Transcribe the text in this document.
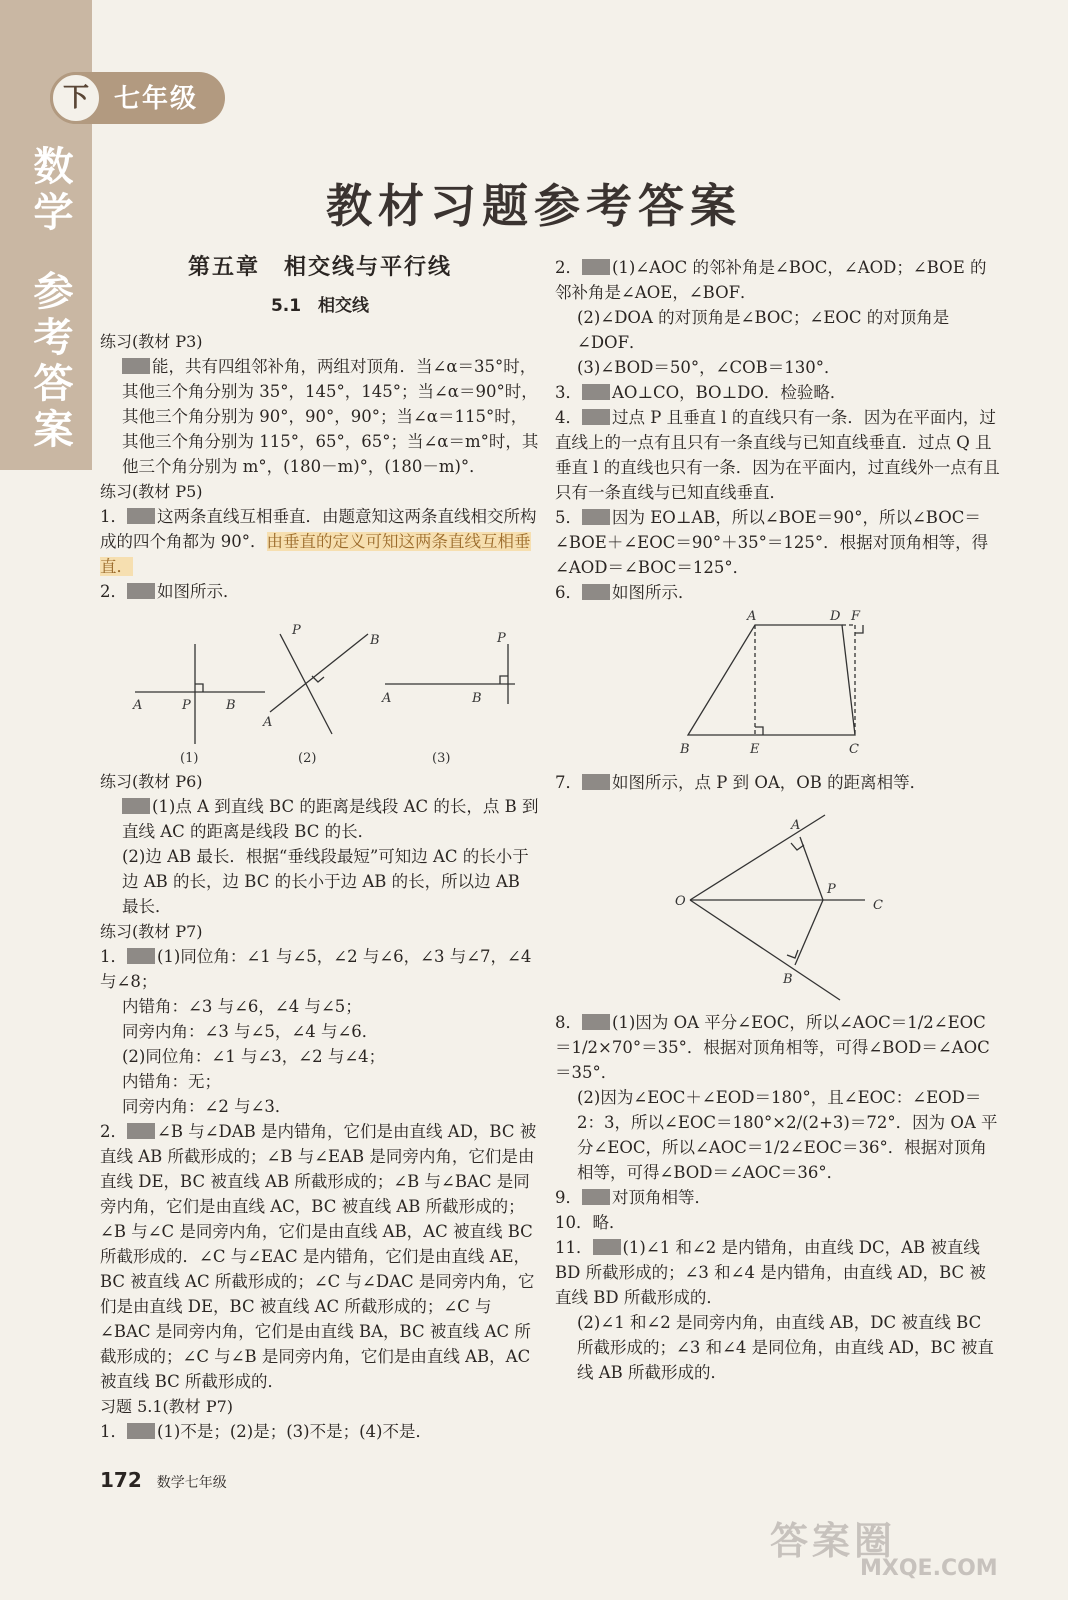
下 七年级
数学
参考答案
教材习题参考答案
第五章　相交线与平行线
5.1　相交线
练习(教材 P3)
能，共有四组邻补角，两组对顶角．当∠α＝35°时，其他三个角分别为 35°，145°，145°；当∠α＝90°时，其他三个角分别为 90°，90°，90°；当∠α＝115°时，其他三个角分别为 115°，65°，65°；当∠α＝m°时，其他三个角分别为 m°，(180－m)°，(180－m)°．
练习(教材 P5)
1． 这两条直线互相垂直．由题意知这两条直线相交所构成的四个角都为 90°．由垂直的定义可知这两条直线互相垂直．
2． 如图所示．
A	P	B
(1)
P
B
A
(2)
A	B
P
(3)
练习(教材 P6)
(1)点 A 到直线 BC 的距离是线段 AC 的长，点 B 到直线 AC 的距离是线段 BC 的长．
(2)边 AB 最长．根据“垂线段最短”可知边 AC 的长小于边 AB 的长，边 BC 的长小于边 AB 的长，所以边 AB 最长．
练习(教材 P7)
1． (1)同位角：∠1 与∠5，∠2 与∠6，∠3 与∠7，∠4 与∠8；
内错角：∠3 与∠6，∠4 与∠5；
同旁内角：∠3 与∠5，∠4 与∠6．
(2)同位角：∠1 与∠3，∠2 与∠4；
内错角：无；
同旁内角：∠2 与∠3．
2． ∠B 与∠DAB 是内错角，它们是由直线 AD，BC 被直线 AB 所截形成的；∠B 与∠EAB 是同旁内角，它们是由直线 DE，BC 被直线 AB 所截形成的；∠B 与∠BAC 是同旁内角，它们是由直线 AC，BC 被直线 AB 所截形成的；∠B 与∠C 是同旁内角，它们是由直线 AB，AC 被直线 BC 所截形成的．∠C 与∠EAC 是内错角，它们是由直线 AE，BC 被直线 AC 所截形成的；∠C 与∠DAC 是同旁内角，它们是由直线 DE，BC 被直线 AC 所截形成的；∠C 与∠BAC 是同旁内角，它们是由直线 BA，BC 被直线 AC 所截形成的；∠C 与∠B 是同旁内角，它们是由直线 AB，AC 被直线 BC 所截形成的．
习题 5.1(教材 P7)
1． (1)不是；(2)是；(3)不是；(4)不是．
2． (1)∠AOC 的邻补角是∠BOC，∠AOD；∠BOE 的邻补角是∠AOE，∠BOF．
(2)∠DOA 的对顶角是∠BOC；∠EOC 的对顶角是∠DOF．
(3)∠BOD＝50°，∠COB＝130°．
3． AO⊥CO，BO⊥DO．检验略．
4． 过点 P 且垂直 l 的直线只有一条．因为在平面内，过直线上的一点有且只有一条直线与已知直线垂直．过点 Q 且垂直 l 的直线也只有一条．因为在平面内，过直线外一点有且只有一条直线与已知直线垂直．
5． 因为 EO⊥AB，所以∠BOE＝90°，所以∠BOC＝∠BOE＋∠EOC＝90°＋35°＝125°．根据对顶角相等，得∠AOD＝∠BOC＝125°．
6． 如图所示．
A	D F
B	E	C
7． 如图所示，点 P 到 OA，OB 的距离相等．
O
A
P
C
B
8． (1)因为 OA 平分∠EOC，所以∠AOC＝1/2∠EOC＝1/2×70°＝35°．根据对顶角相等，可得∠BOD＝∠AOC＝35°．
(2)因为∠EOC＋∠EOD＝180°，且∠EOC：∠EOD＝2：3，所以∠EOC＝180°×2/(2+3)＝72°．因为 OA 平分∠EOC，所以∠AOC＝1/2∠EOC＝36°．根据对顶角相等，可得∠BOD＝∠AOC＝36°．
9． 对顶角相等．
10．略．
11． (1)∠1 和∠2 是内错角，由直线 DC，AB 被直线 BD 所截形成的；∠3 和∠4 是内错角，由直线 AD，BC 被直线 BD 所截形成的．
(2)∠1 和∠2 是同旁内角，由直线 AB，DC 被直线 BC 所截形成的；∠3 和∠4 是同位角，由直线 AD，BC 被直线 AB 所截形成的．
172 数学七年级
答案圈
MXQE.COM
